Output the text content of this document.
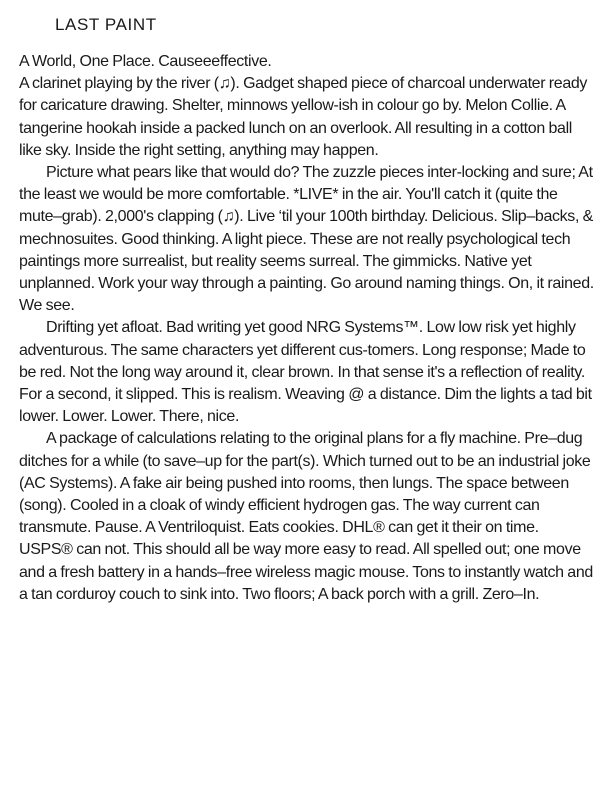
LAST PAINT

A World, One Place. Causeeeffective.

A clarinet playing by the river (♫). Gadget shaped piece of charcoal underwater ready for caricature drawing. Shelter, minnows yellow-ish in colour go by. Melon Collie. A tangerine hookah inside a packed lunch on an overlook. All resulting in a cotton ball like sky. Inside the right setting, anything may happen.

Picture what pears like that would do? The zuzzle pieces inter-locking and sure; At the least we would be more comfortable. *LIVE* in the air. You'll catch it (quite the mute–grab). 2,000's clapping (♫). Live ‘til your 100th birthday. Delicious. Slip–backs, & mechnosuites. Good thinking. A light piece. These are not really psychological tech paintings more surrealist, but reality seems surreal. The gimmicks. Native yet unplanned. Work your way through a painting. Go around naming things. On, it rained. We see.

Drifting yet afloat. Bad writing yet good NRG Systems™. Low low risk yet highly adventurous. The same characters yet different cus-tomers. Long response; Made to be red. Not the long way around it, clear brown. In that sense it's a reflection of reality. For a second, it slipped. This is realism. Weaving @ a distance. Dim the lights a tad bit lower. Lower. Lower. There, nice.

A package of calculations relating to the original plans for a fly machine. Pre–dug ditches for a while (to save–up for the part(s). Which turned out to be an industrial joke (AC Systems). A fake air being pushed into rooms, then lungs. The space between (song). Cooled in a cloak of windy efficient hydrogen gas. The way current can transmute. Pause. A Ventriloquist. Eats cookies. DHL® can get it their on time. USPS® can not. This should all be way more easy to read. All spelled out; one move and a fresh battery in a hands–free wireless magic mouse. Tons to instantly watch and a tan corduroy couch to sink into. Two floors; A back porch with a grill. Zero–In.
